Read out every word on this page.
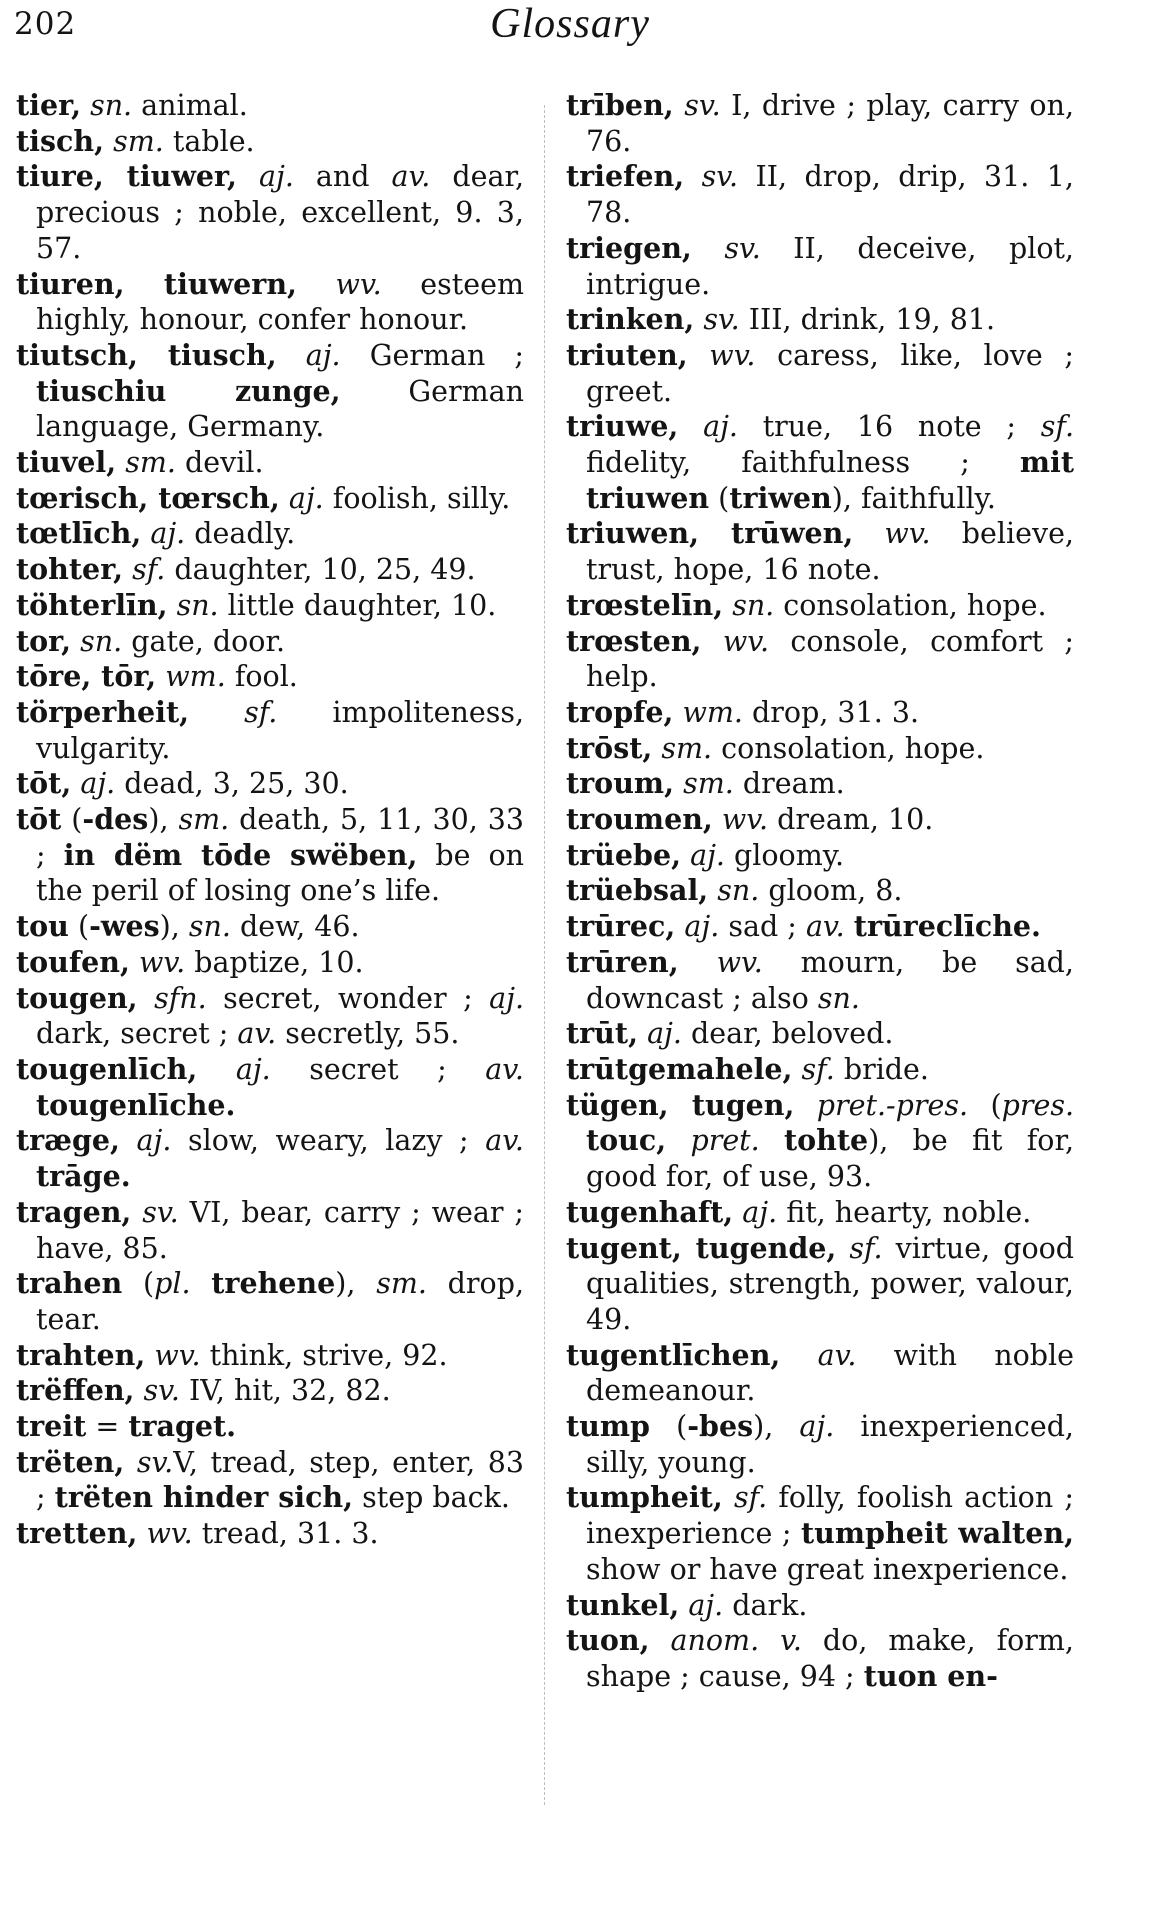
202	Glossary

tier, sn. animal.

tisch, sm. table.

tiure, tiuwer, aj. and av. dear, precious ; noble, excellent, 9. 3, 57.

tiuren, tiuwern, wv. esteem highly, honour, confer honour.

tiutsch, tiusch, aj. German ; tiuschiu zunge, German language, Germany.

tiuvel, sm. devil.

tœrisch, tœrsch, aj. foolish, silly.

tœtlīch, aj. deadly.

tohter, sf. daughter, 10, 25, 49.

töhterlīn, sn. little daughter, 10.

tor, sn. gate, door.

tōre, tōr, wm. fool.

törperheit, sf. impoliteness, vulgarity.

tōt, aj. dead, 3, 25, 30.

tōt (-des), sm. death, 5, 11, 30, 33 ; in dëm tōde swëben, be on the peril of losing one’s life.

tou (-wes), sn. dew, 46.

toufen, wv. baptize, 10.

tougen, sfn. secret, wonder ; aj. dark, secret ; av. secretly, 55.

tougenlīch, aj. secret ; av. tougenlīche.

træge, aj. slow, weary, lazy ; av. trāge.

tragen, sv. VI, bear, carry ; wear ; have, 85.

trahen (pl. trehene), sm. drop, tear.

trahten, wv. think, strive, 92.

trëffen, sv. IV, hit, 32, 82.

treit = traget.

trëten, sv.V, tread, step, enter, 83 ; trëten hinder sich, step back.

tretten, wv. tread, 31. 3.

trīben, sv. I, drive ; play, carry on, 76.

triefen, sv. II, drop, drip, 31. 1, 78.

triegen, sv. II, deceive, plot, intrigue.

trinken, sv. III, drink, 19, 81.

triuten, wv. caress, like, love ; greet.

triuwe, aj. true, 16 note ; sf. fidelity, faithfulness ; mit triuwen (triwen), faithfully.

triuwen, trūwen, wv. believe, trust, hope, 16 note.

trœstelīn, sn. consolation, hope.

trœsten, wv. console, comfort ; help.

tropfe, wm. drop, 31. 3.

trōst, sm. consolation, hope.

troum, sm. dream.

troumen, wv. dream, 10.

trüebe, aj. gloomy.

trüebsal, sn. gloom, 8.

trūrec, aj. sad ; av. trūreclīche.

trūren, wv. mourn, be sad, downcast ; also sn.

trūt, aj. dear, beloved.

trūtgemahele, sf. bride.

tügen, tugen, pret.-pres. (pres. touc, pret. tohte), be fit for, good for, of use, 93.

tugenhaft, aj. fit, hearty, noble.

tugent, tugende, sf. virtue, good qualities, strength, power, valour, 49.

tugentlīchen, av. with noble demeanour.

tump (-bes), aj. inexperienced, silly, young.

tumpheit, sf. folly, foolish action ; inexperience ; tumpheit walten, show or have great inexperience.

tunkel, aj. dark.

tuon, anom. v. do, make, form, shape ; cause, 94 ; tuon en-
